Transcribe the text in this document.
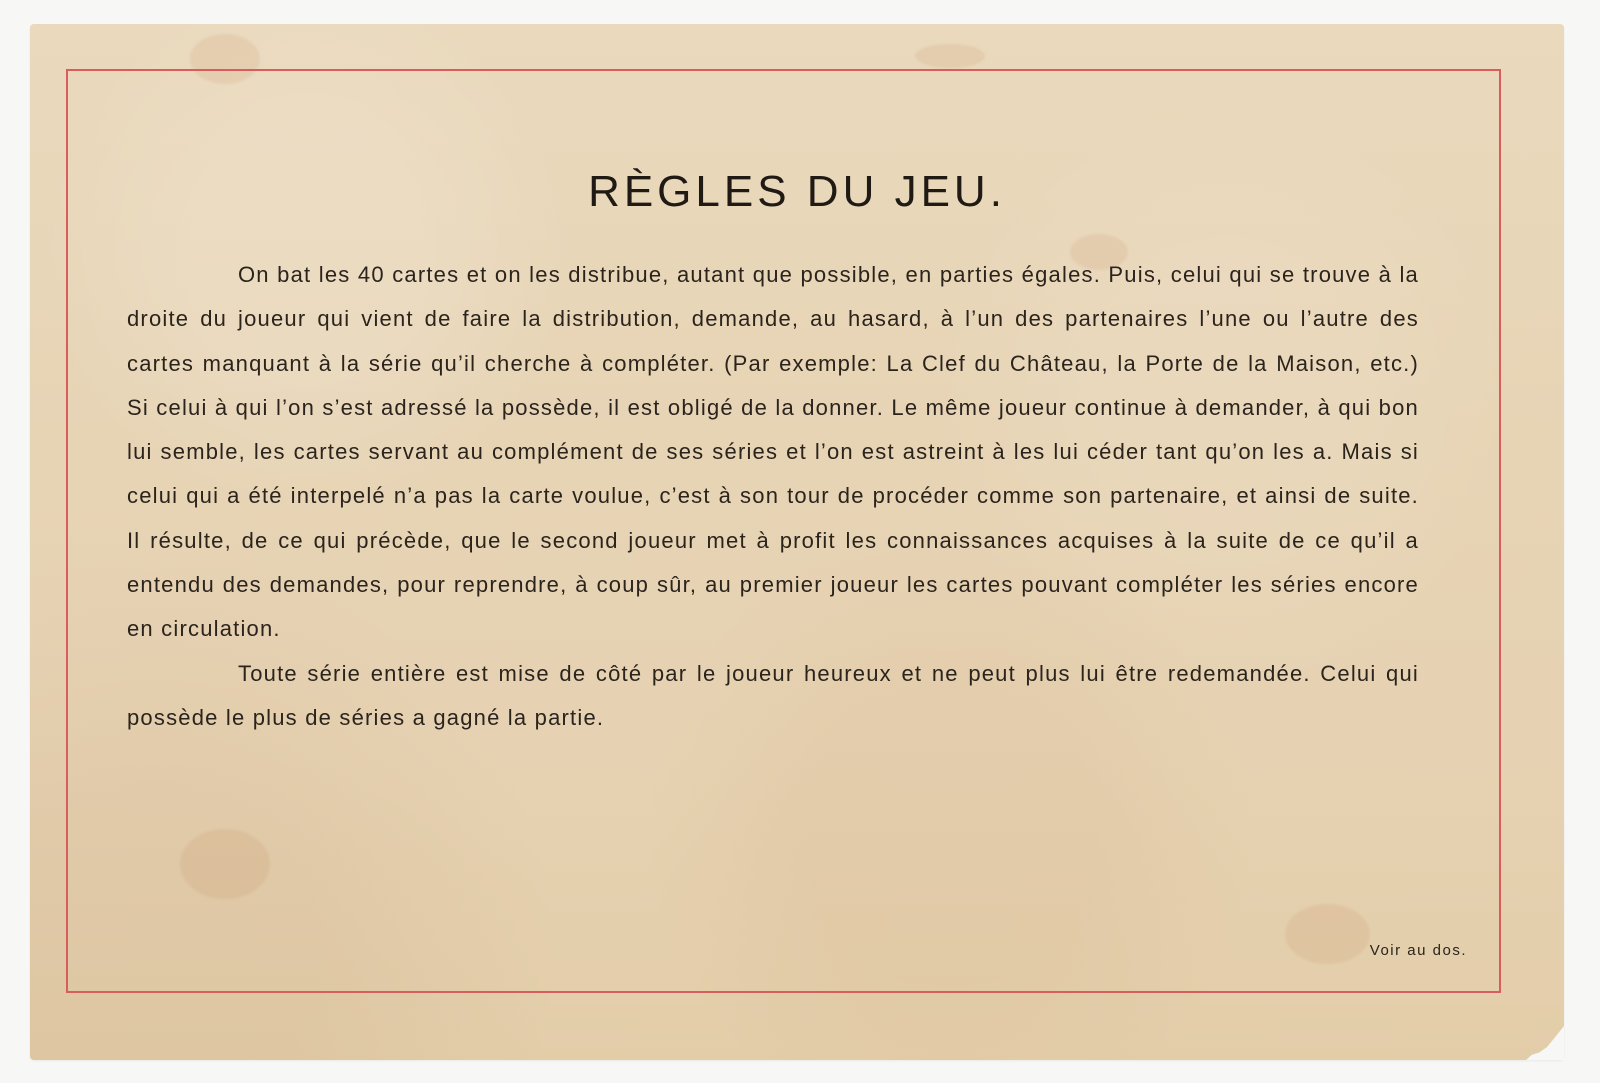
RÈGLES DU JEU.

On bat les 40 cartes et on les distribue, autant que possible, en parties égales. Puis, celui qui se trouve à la droite du joueur qui vient de faire la distribution, demande, au hasard, à l’un des partenaires l’une ou l’autre des cartes manquant à la série qu’il cherche à compléter. (Par exemple: La Clef du Château, la Porte de la Maison, etc.) Si celui à qui l’on s’est adressé la possède, il est obligé de la donner. Le même joueur continue à demander, à qui bon lui semble, les cartes servant au complément de ses séries et l’on est astreint à les lui céder tant qu’on les a. Mais si celui qui a été interpelé n’a pas la carte voulue, c’est à son tour de procéder comme son partenaire, et ainsi de suite. Il résulte, de ce qui précède, que le second joueur met à profit les connaissances acquises à la suite de ce qu’il a entendu des demandes, pour reprendre, à coup sûr, au premier joueur les cartes pouvant compléter les séries encore en circulation.

Toute série entière est mise de côté par le joueur heureux et ne peut plus lui être redemandée. Celui qui possède le plus de séries a gagné la partie.

Voir au dos.
